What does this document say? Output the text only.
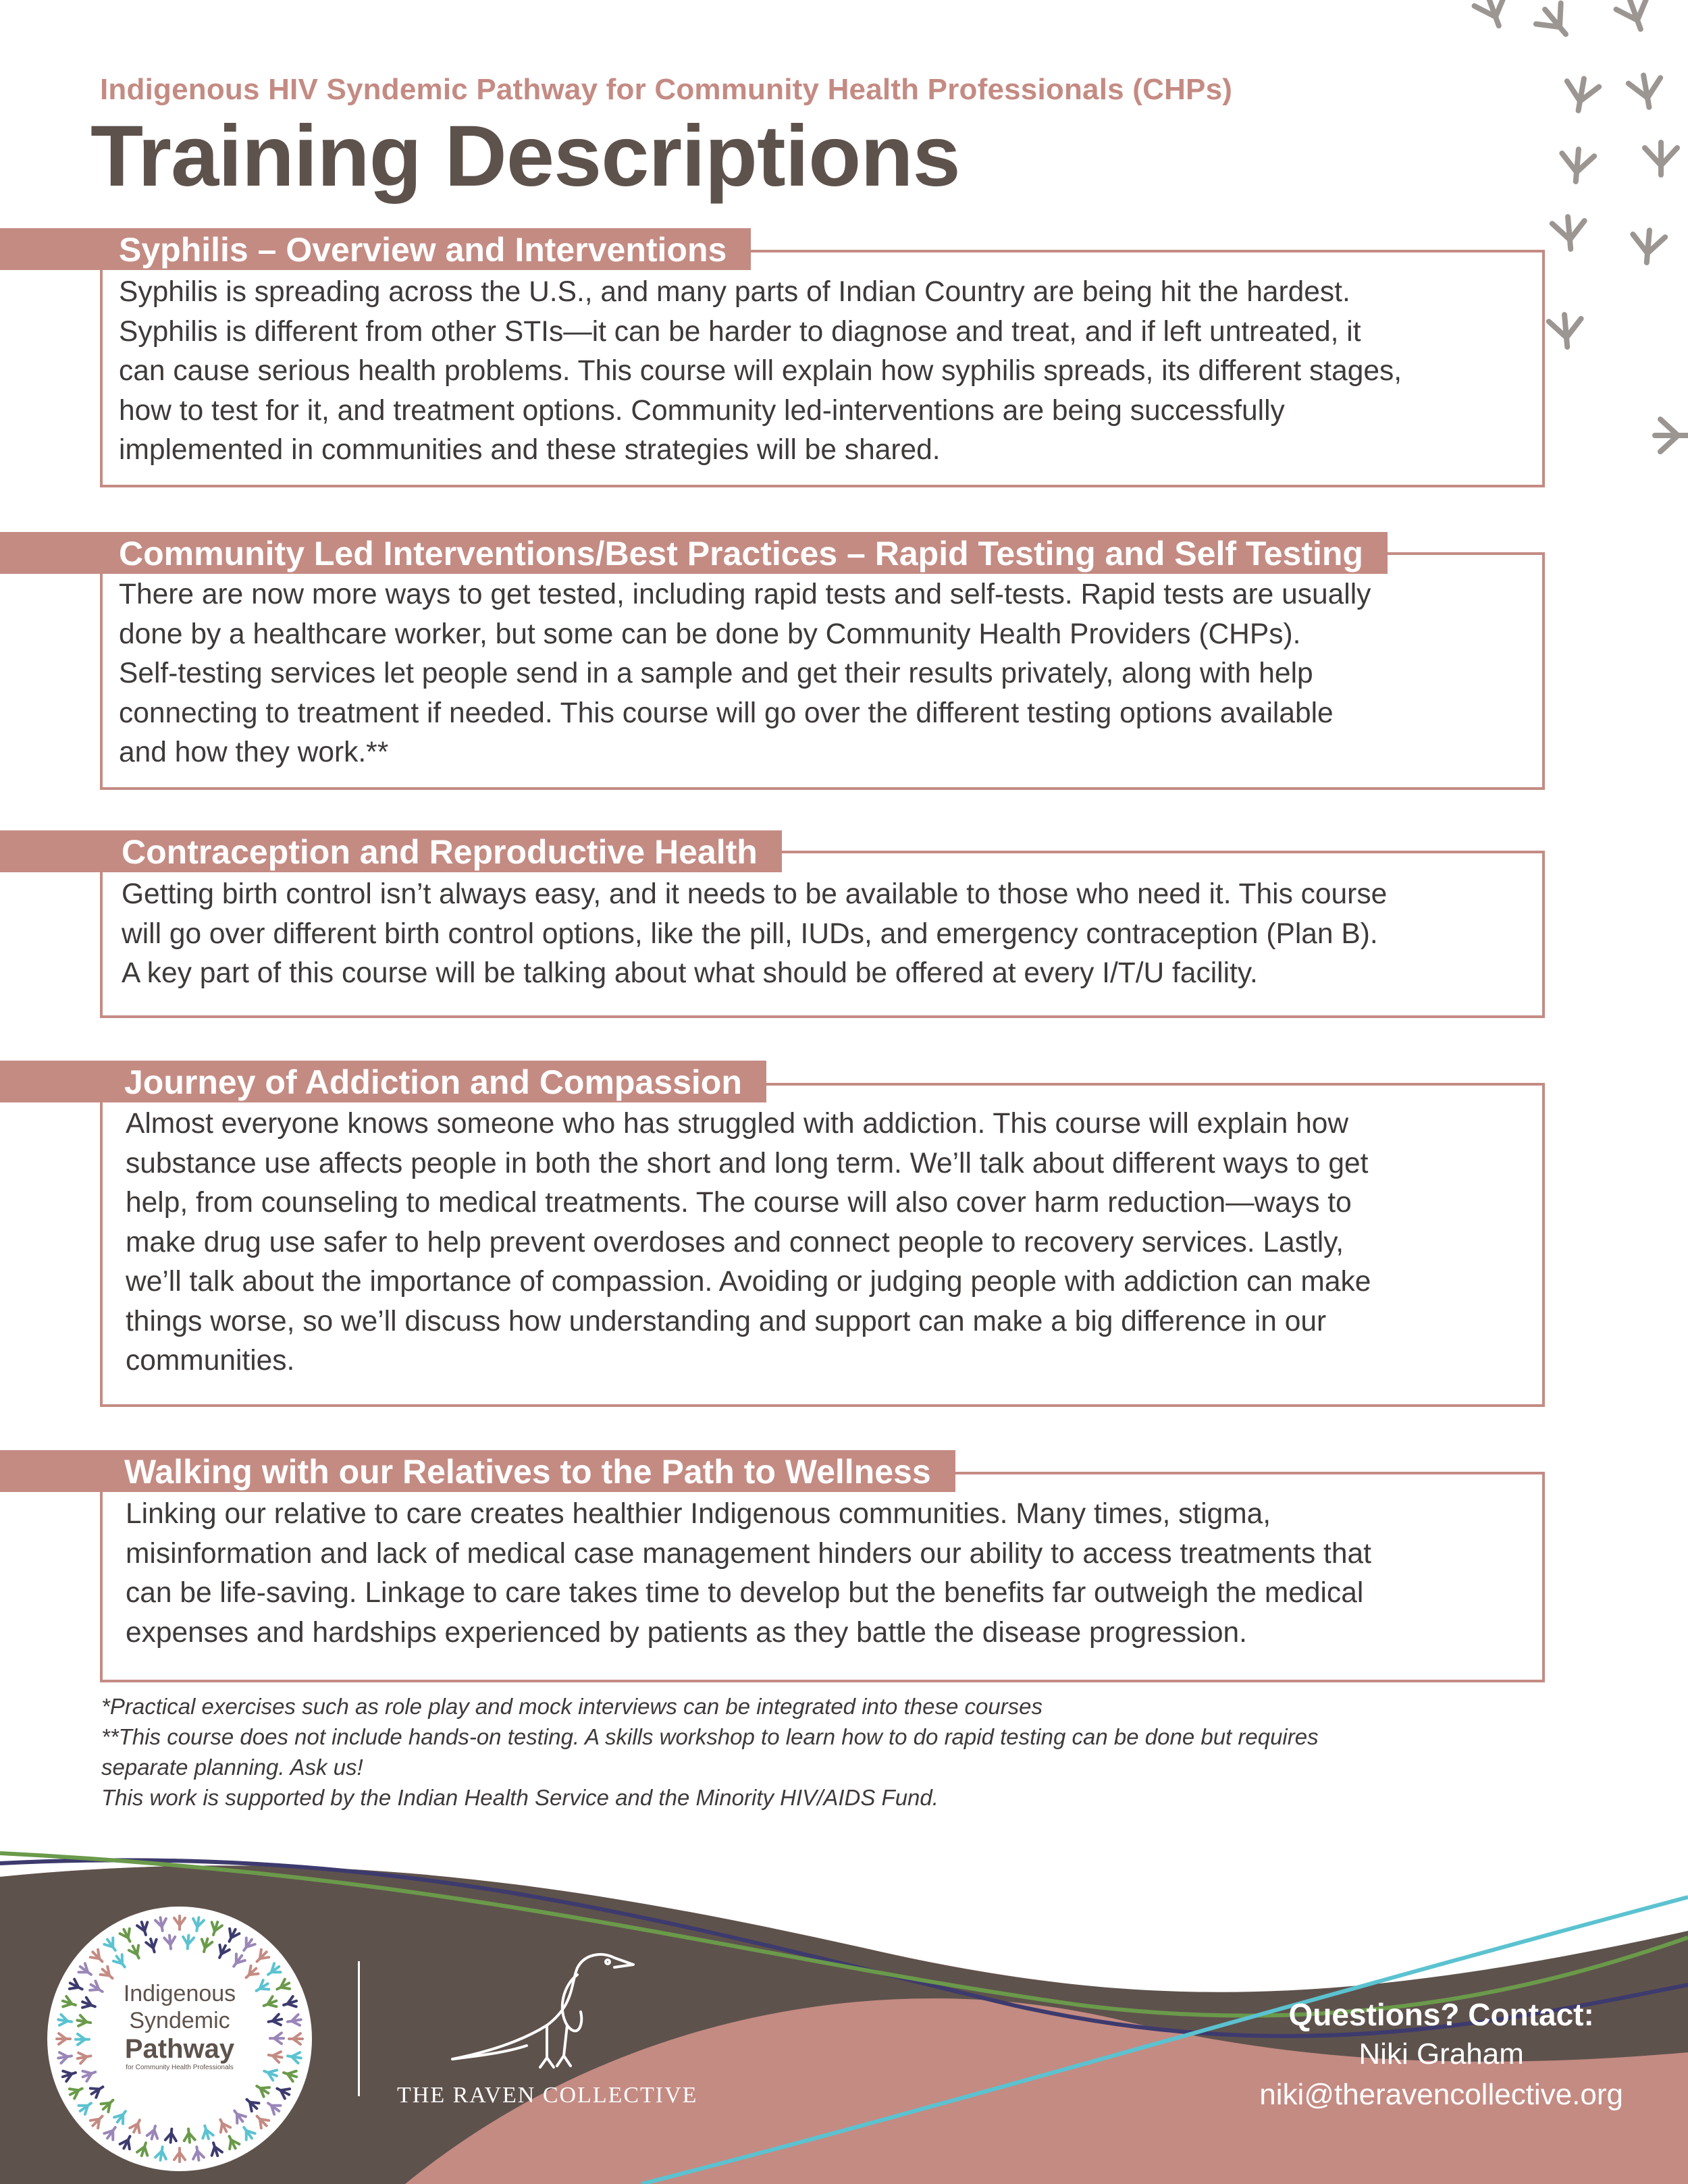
Indigenous HIV Syndemic Pathway for Community Health Professionals (CHPs)
Training Descriptions
Syphilis – Overview and Interventions
Syphilis is spreading across the U.S., and many parts of Indian Country are being hit the hardest.
Syphilis is different from other STIs—it can be harder to diagnose and treat, and if left untreated, it
can cause serious health problems. This course will explain how syphilis spreads, its different stages,
how to test for it, and treatment options. Community led-interventions are being successfully
implemented in communities and these strategies will be shared.
Community Led Interventions/Best Practices – Rapid Testing and Self Testing
There are now more ways to get tested, including rapid tests and self-tests. Rapid tests are usually
done by a healthcare worker, but some can be done by Community Health Providers (CHPs).
Self-testing services let people send in a sample and get their results privately, along with help
connecting to treatment if needed. This course will go over the different testing options available
and how they work.**
Contraception and Reproductive Health
Getting birth control isn’t always easy, and it needs to be available to those who need it. This course
will go over different birth control options, like the pill, IUDs, and emergency contraception (Plan B).
A key part of this course will be talking about what should be offered at every I/T/U facility.
Journey of Addiction and Compassion
Almost everyone knows someone who has struggled with addiction. This course will explain how
substance use affects people in both the short and long term. We’ll talk about different ways to get
help, from counseling to medical treatments. The course will also cover harm reduction—ways to
make drug use safer to help prevent overdoses and connect people to recovery services. Lastly,
we’ll talk about the importance of compassion. Avoiding or judging people with addiction can make
things worse, so we’ll discuss how understanding and support can make a big difference in our
communities.
Walking with our Relatives to the Path to Wellness
Linking our relative to care creates healthier Indigenous communities. Many times, stigma,
misinformation and lack of medical case management hinders our ability to access treatments that
can be life-saving. Linkage to care takes time to develop but the benefits far outweigh the medical
expenses and hardships experienced by patients as they battle the disease progression.

*Practical exercises such as role play and mock interviews can be integrated into these courses

**This course does not include hands-on testing. A skills workshop to learn how to do rapid testing can be done but requires

separate planning. Ask us!

This work is supported by the Indian Health Service and the Minority HIV/AIDS Fund.

Indigenous
Syndemic
Pathway
for Community Health Professionals
THE RAVEN COLLECTIVE
Questions? Contact:
Niki Graham
niki@theravencollective.org
